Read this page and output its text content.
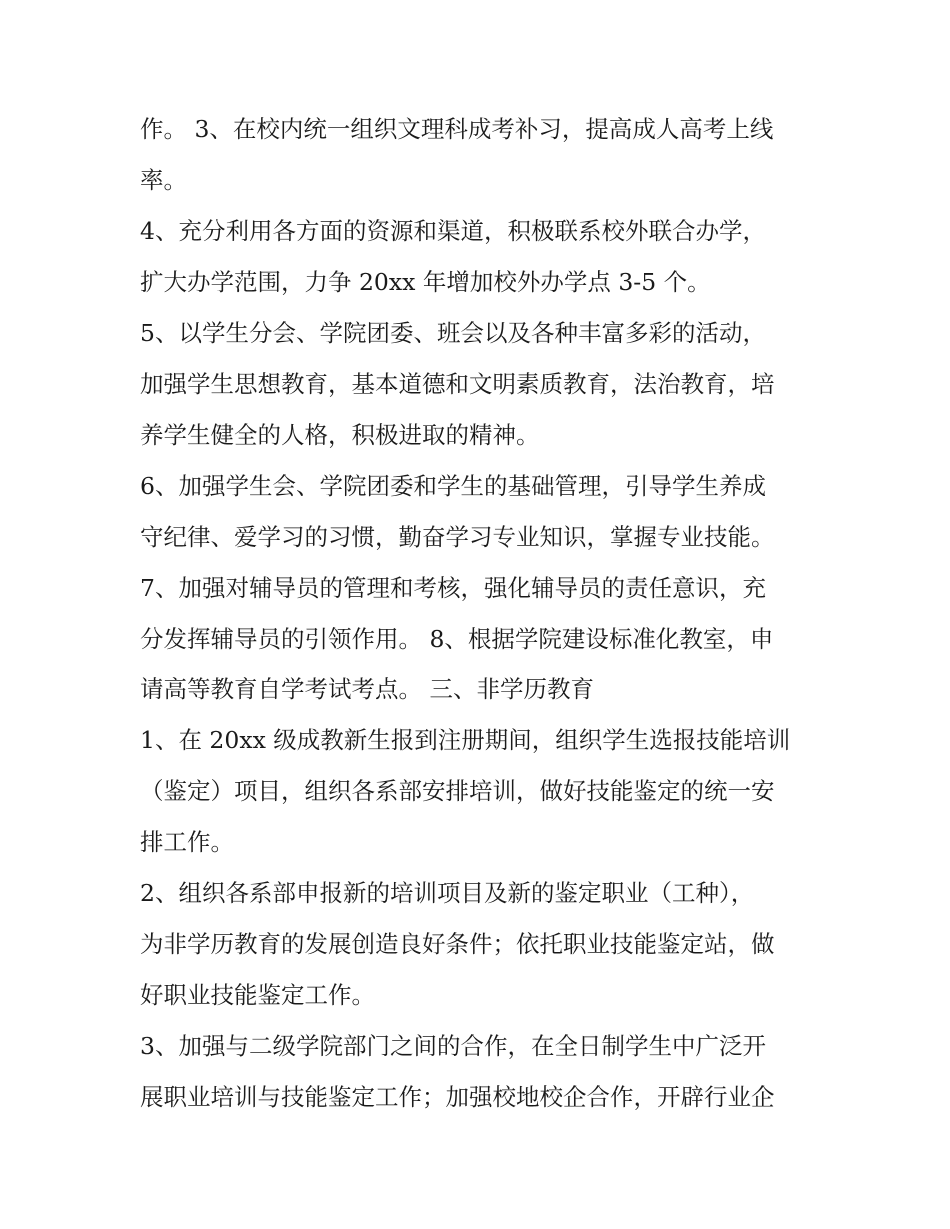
作。 3、在校内统一组织文理科成考补习，提高成人高考上线
率。
4、充分利用各方面的资源和渠道，积极联系校外联合办学，
扩大办学范围，力争 20xx 年增加校外办学点 3-5 个。
5、以学生分会、学院团委、班会以及各种丰富多彩的活动，
加强学生思想教育，基本道德和文明素质教育，法治教育，培
养学生健全的人格，积极进取的精神。
6、加强学生会、学院团委和学生的基础管理，引导学生养成
守纪律、爱学习的习惯，勤奋学习专业知识，掌握专业技能。
7、加强对辅导员的管理和考核，强化辅导员的责任意识，充
分发挥辅导员的引领作用。 8、根据学院建设标准化教室，申
请高等教育自学考试考点。 三、非学历教育
1、在 20xx 级成教新生报到注册期间，组织学生选报技能培训
（鉴定）项目，组织各系部安排培训，做好技能鉴定的统一安
排工作。
2、组织各系部申报新的培训项目及新的鉴定职业（工种），
为非学历教育的发展创造良好条件；依托职业技能鉴定站，做
好职业技能鉴定工作。
3、加强与二级学院部门之间的合作，在全日制学生中广泛开
展职业培训与技能鉴定工作；加强校地校企合作，开辟行业企
